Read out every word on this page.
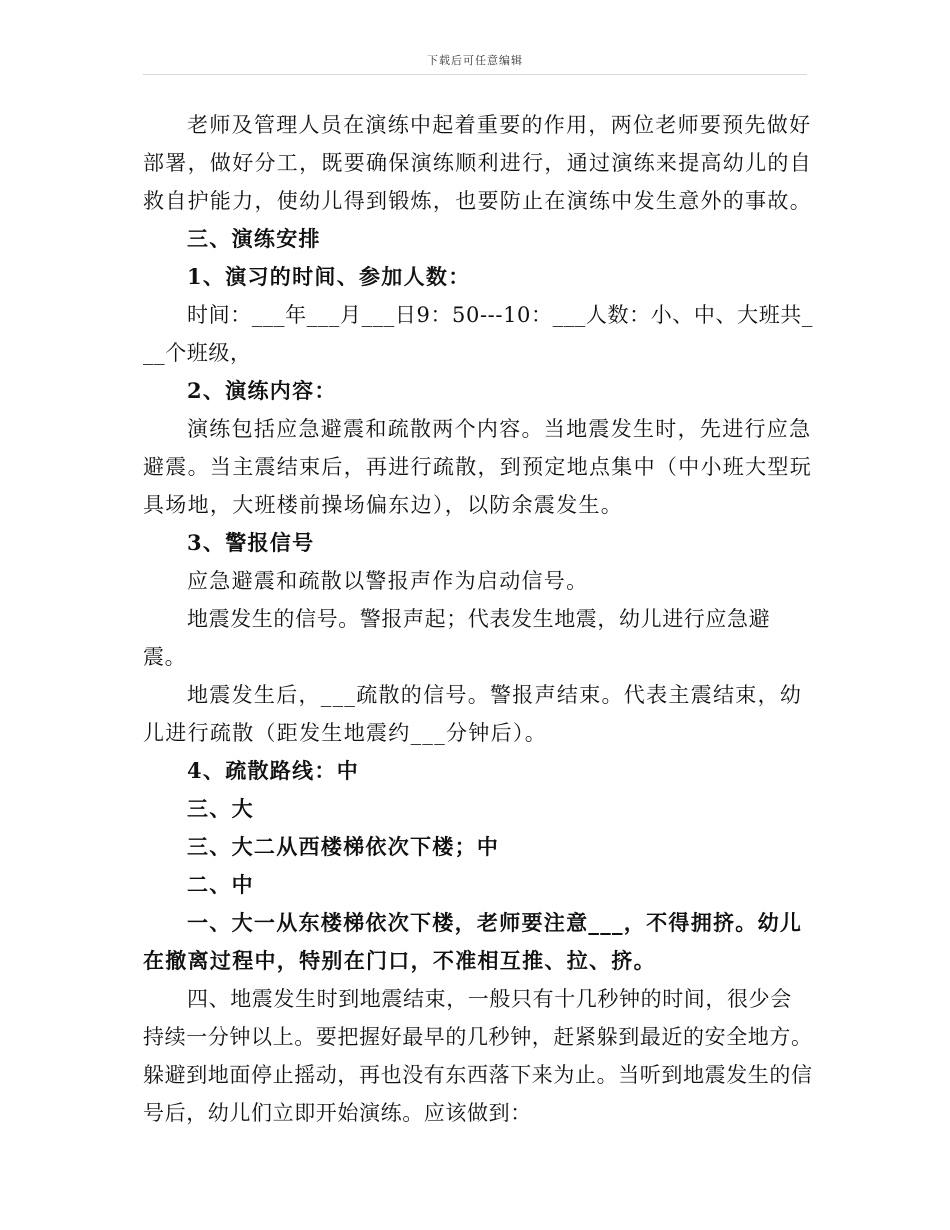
下载后可任意编辑

老师及管理人员在演练中起着重要的作用，两位老师要预先做好部署，做好分工，既要确保演练顺利进行，通过演练来提高幼儿的自救自护能力，使幼儿得到锻炼，也要防止在演练中发生意外的事故。

三、演练安排

1、演习的时间、参加人数：

时间：___年___月___日9：50---10：___人数：小、中、大班共___个班级，

2、演练内容：

演练包括应急避震和疏散两个内容。当地震发生时，先进行应急避震。当主震结束后，再进行疏散，到预定地点集中（中小班大型玩具场地，大班楼前操场偏东边），以防余震发生。

3、警报信号

应急避震和疏散以警报声作为启动信号。

地震发生的信号。警报声起；代表发生地震，幼儿进行应急避震。

地震发生后，___疏散的信号。警报声结束。代表主震结束，幼儿进行疏散（距发生地震约___分钟后）。

4、疏散路线：中

三、大

三、大二从西楼梯依次下楼；中

二、中

一、大一从东楼梯依次下楼，老师要注意___，不得拥挤。幼儿在撤离过程中，特别在门口，不准相互推、拉、挤。

四、地震发生时到地震结束，一般只有十几秒钟的时间，很少会持续一分钟以上。要把握好最早的几秒钟，赶紧躲到最近的安全地方。躲避到地面停止摇动，再也没有东西落下来为止。当听到地震发生的信号后，幼儿们立即开始演练。应该做到：
